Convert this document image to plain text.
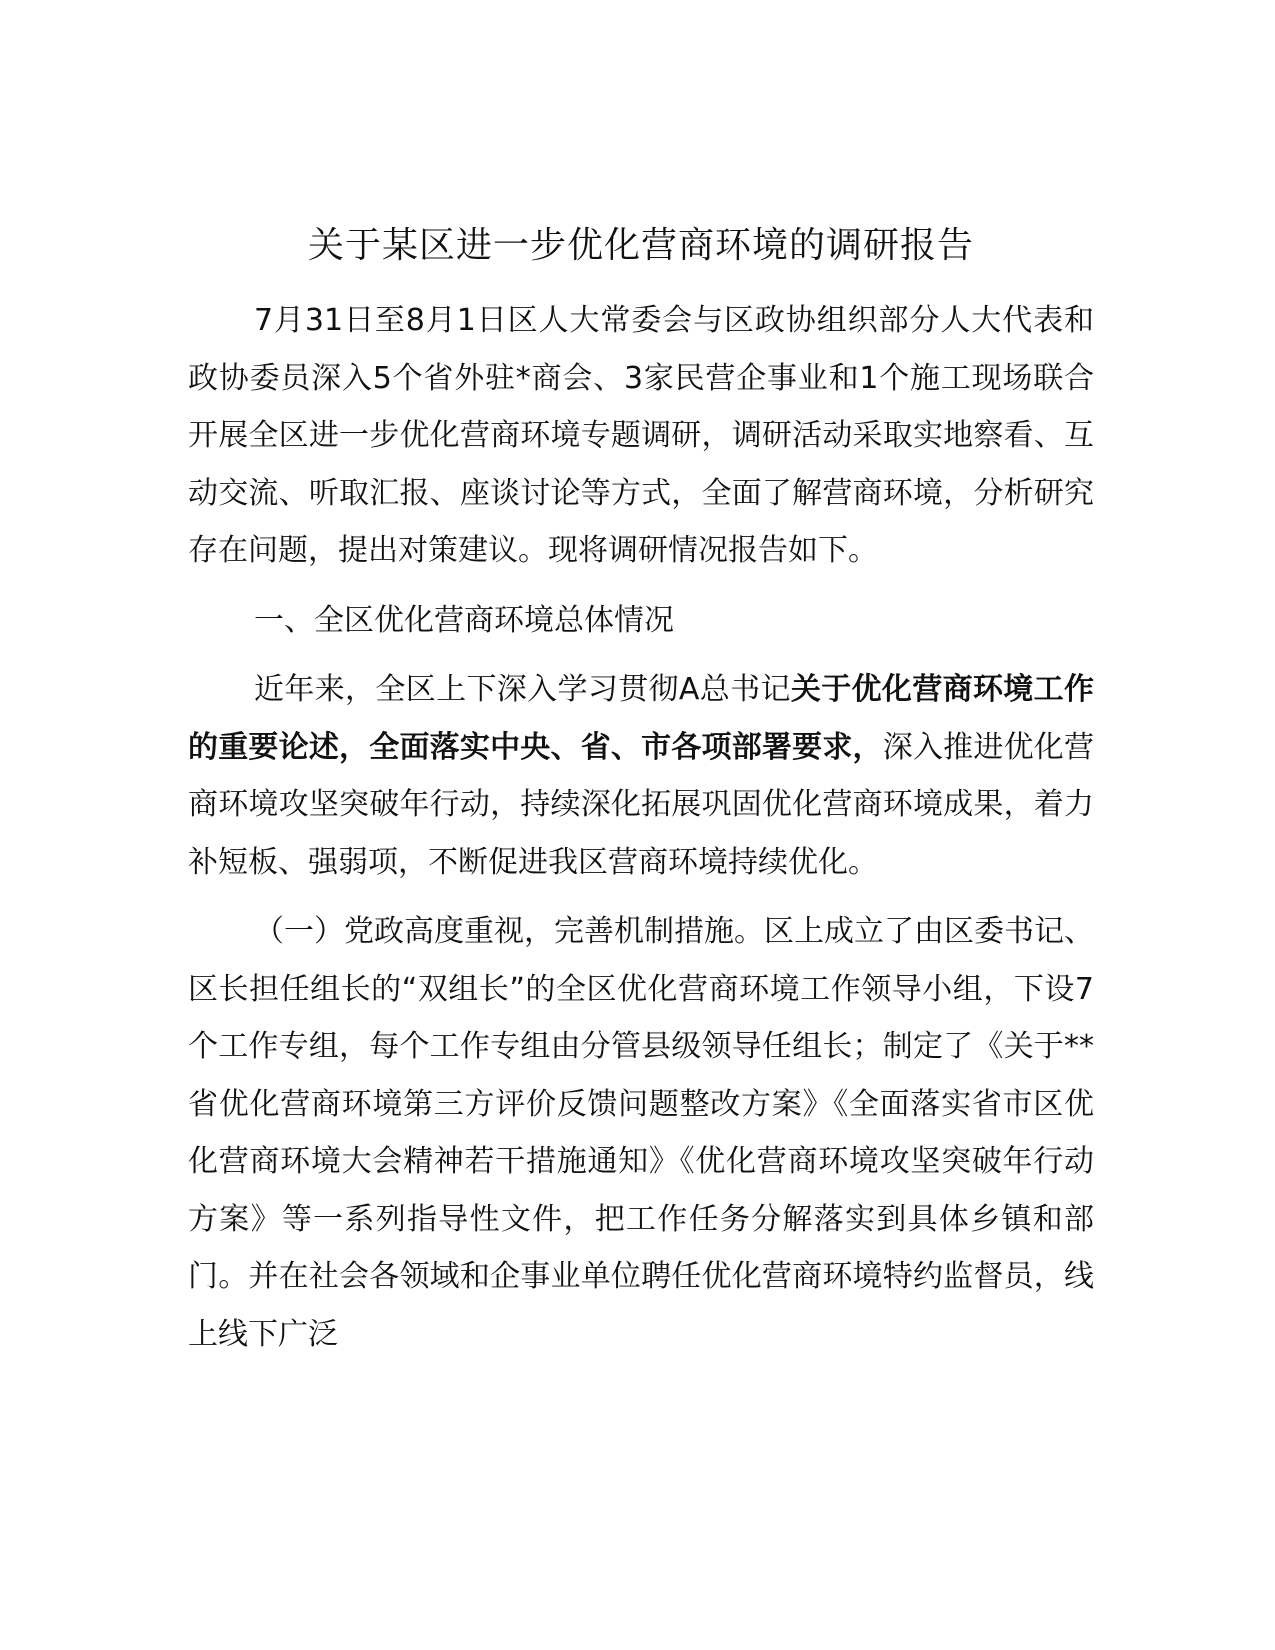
关于某区进一步优化营商环境的调研报告

7月31日至8月1日区人大常委会与区政协组织部分人大代表和政协委员深入5个省外驻*商会、3家民营企事业和1个施工现场联合开展全区进一步优化营商环境专题调研，调研活动采取实地察看、互动交流、听取汇报、座谈讨论等方式，全面了解营商环境，分析研究存在问题，提出对策建议。现将调研情况报告如下。

一、全区优化营商环境总体情况

近年来，全区上下深入学习贯彻A总书记关于优化营商环境工作的重要论述，全面落实中央、省、市各项部署要求，深入推进优化营商环境攻坚突破年行动，持续深化拓展巩固优化营商环境成果，着力补短板、强弱项，不断促进我区营商环境持续优化。

（一）党政高度重视，完善机制措施。区上成立了由区委书记、区长担任组长的“双组长”的全区优化营商环境工作领导小组，下设7个工作专组，每个工作专组由分管县级领导任组长；制定了《关于**省优化营商环境第三方评价反馈问题整改方案》《全面落实省市区优化营商环境大会精神若干措施通知》《优化营商环境攻坚突破年行动方案》等一系列指导性文件，把工作任务分解落实到具体乡镇和部门。并在社会各领域和企事业单位聘任优化营商环境特约监督员，线上线下广泛
